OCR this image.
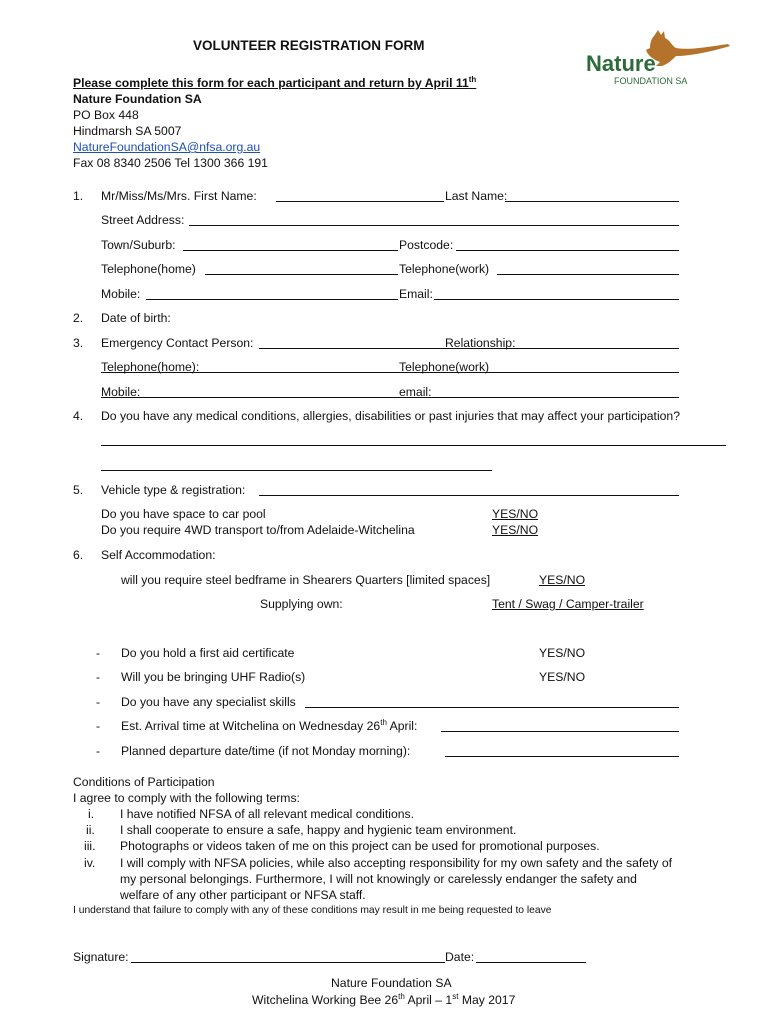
VOLUNTEER REGISTRATION FORM
Nature
FOUNDATION SA
Please complete this form for each participant and return by April 11th
Nature Foundation SA
PO Box 448
Hindmarsh SA 5007
NatureFoundationSA@nfsa.org.au
Fax 08 8340 2506 Tel 1300 366 191
1. Mr/Miss/Ms/Mrs. First Name:	Last Name:
Street Address:
Town/Suburb:	Postcode:
Telephone(home)	Telephone(work)
Mobile:	Email:
2. Date of birth:
3. Emergency Contact Person:	Relationship:
Telephone(home):	Telephone(work)
Mobile:	email:
4. Do you have any medical conditions, allergies, disabilities or past injuries that may affect your participation?
5. Vehicle type & registration:
Do you have space to car pool	YES/NO
Do you require 4WD transport to/from Adelaide-Witchelina	YES/NO
6. Self Accommodation:
will you require steel bedframe in Shearers Quarters [limited spaces]	YES/NO
Supplying own:	Tent / Swag / Camper-trailer
- Do you hold a first aid certificate	YES/NO
- Will you be bringing UHF Radio(s)	YES/NO
- Do you have any specialist skills
- Est. Arrival time at Witchelina on Wednesday 26th April:
- Planned departure date/time (if not Monday morning):
Conditions of Participation
I agree to comply with the following terms:
i. I have notified NFSA of all relevant medical conditions.
ii. I shall cooperate to ensure a safe, happy and hygienic team environment.
iii. Photographs or videos taken of me on this project can be used for promotional purposes.
iv. I will comply with NFSA policies, while also accepting responsibility for my own safety and the safety of
my personal belongings. Furthermore, I will not knowingly or carelessly endanger the safety and
welfare of any other participant or NFSA staff.
I understand that failure to comply with any of these conditions may result in me being requested to leave
Signature:	Date:
Nature Foundation SA
Witchelina Working Bee 26th April – 1st May 2017
